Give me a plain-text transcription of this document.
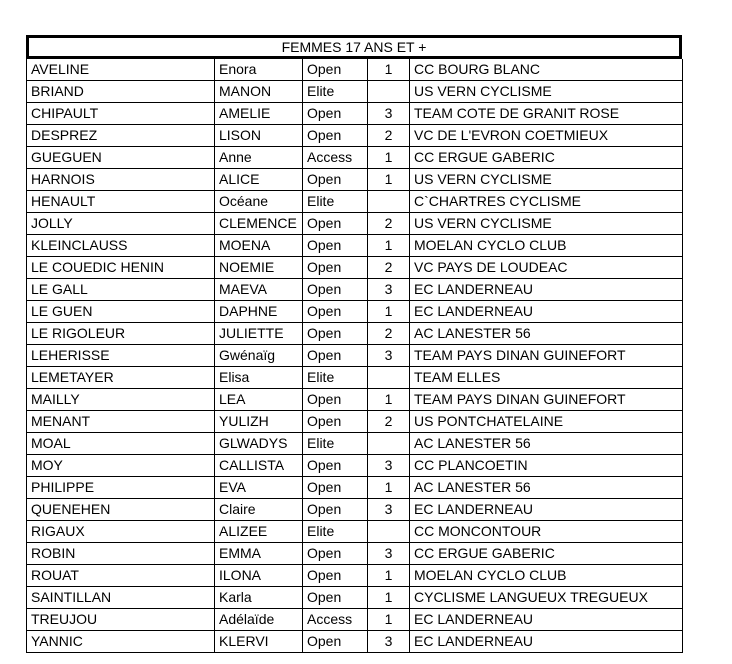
FEMMES 17 ANS ET +
AVELINE	Enora	Open	1	CC BOURG BLANC
BRIAND	MANON	Elite		US VERN CYCLISME
CHIPAULT	AMELIE	Open	3	TEAM COTE DE GRANIT ROSE
DESPREZ	LISON	Open	2	VC DE L'EVRON COETMIEUX
GUEGUEN	Anne	Access	1	CC ERGUE GABERIC
HARNOIS	ALICE	Open	1	US VERN CYCLISME
HENAULT	Océane	Elite		C`CHARTRES CYCLISME
JOLLY	CLEMENCE	Open	2	US VERN CYCLISME
KLEINCLAUSS	MOENA	Open	1	MOELAN CYCLO CLUB
LE COUEDIC HENIN	NOEMIE	Open	2	VC PAYS DE LOUDEAC
LE GALL	MAEVA	Open	3	EC LANDERNEAU
LE GUEN	DAPHNE	Open	1	EC LANDERNEAU
LE RIGOLEUR	JULIETTE	Open	2	AC LANESTER 56
LEHERISSE	Gwénaïg	Open	3	TEAM PAYS DINAN GUINEFORT
LEMETAYER	Elisa	Elite		TEAM ELLES
MAILLY	LEA	Open	1	TEAM PAYS DINAN GUINEFORT
MENANT	YULIZH	Open	2	US PONTCHATELAINE
MOAL	GLWADYS	Elite		AC LANESTER 56
MOY	CALLISTA	Open	3	CC PLANCOETIN
PHILIPPE	EVA	Open	1	AC LANESTER 56
QUENEHEN	Claire	Open	3	EC LANDERNEAU
RIGAUX	ALIZEE	Elite		CC MONCONTOUR
ROBIN	EMMA	Open	3	CC ERGUE GABERIC
ROUAT	ILONA	Open	1	MOELAN CYCLO CLUB
SAINTILLAN	Karla	Open	1	CYCLISME LANGUEUX TREGUEUX
TREUJOU	Adélaïde	Access	1	EC LANDERNEAU
YANNIC	KLERVI	Open	3	EC LANDERNEAU
